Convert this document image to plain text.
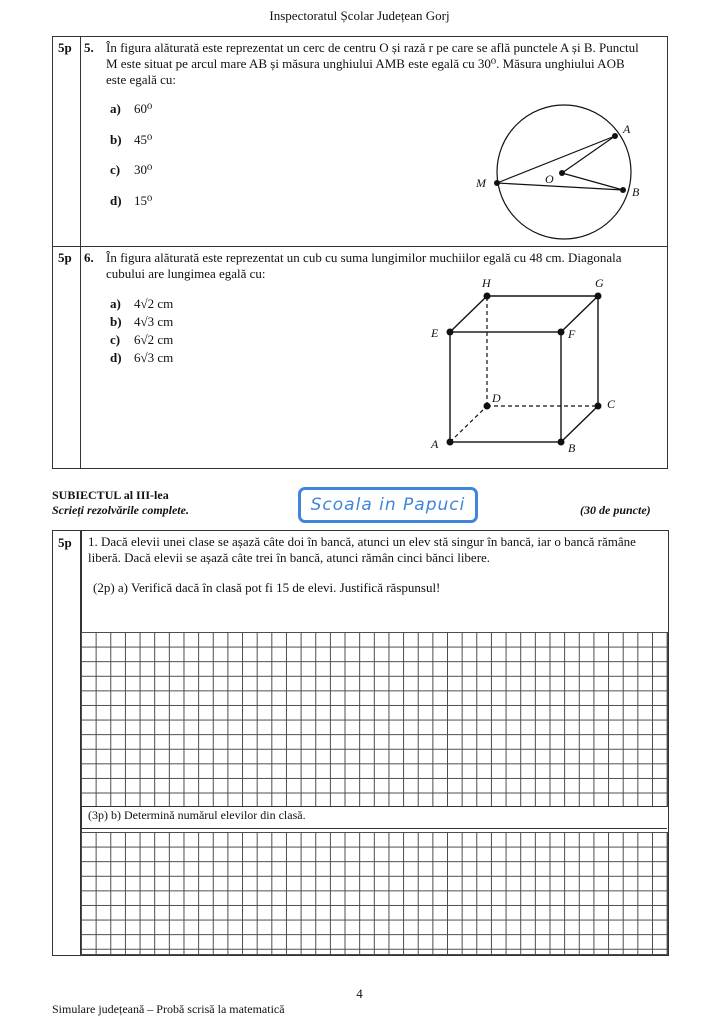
Inspectoratul Școlar Județean Gorj
5p 5. În figura alăturată este reprezentat un cerc de centru O și rază r pe care se află punctele A și B. Punctul
M este situat pe arcul mare AB și măsura unghiului AMB este egală cu 30⁰. Măsura unghiului AOB
este egală cu:
a) 60⁰
b) 45⁰
c) 30⁰
d) 15⁰
A
B
M	O
5p 6. În figura alăturată este reprezentat un cub cu suma lungimilor muchiilor egală cu 48 cm. Diagonala
cubului are lungimea egală cu:
a) 4√2 cm
b) 4√3 cm
c) 6√2 cm
d) 6√3 cm
A	B
C
D
E	F
G
H
SUBIECTUL al III-lea
Scrieți rezolvările complete.	Scoala in Papuci	(30 de puncte)
5p 1. Dacă elevii unei clase se așază câte doi în bancă, atunci un elev stă singur în bancă, iar o bancă rămâne
liberă. Dacă elevii se așază câte trei în bancă, atunci rămân cinci bănci libere.
(2p) a) Verifică dacă în clasă pot fi 15 de elevi. Justifică răspunsul!
(3p) b) Determină numărul elevilor din clasă.
4
Simulare județeană – Probă scrisă la matematică
